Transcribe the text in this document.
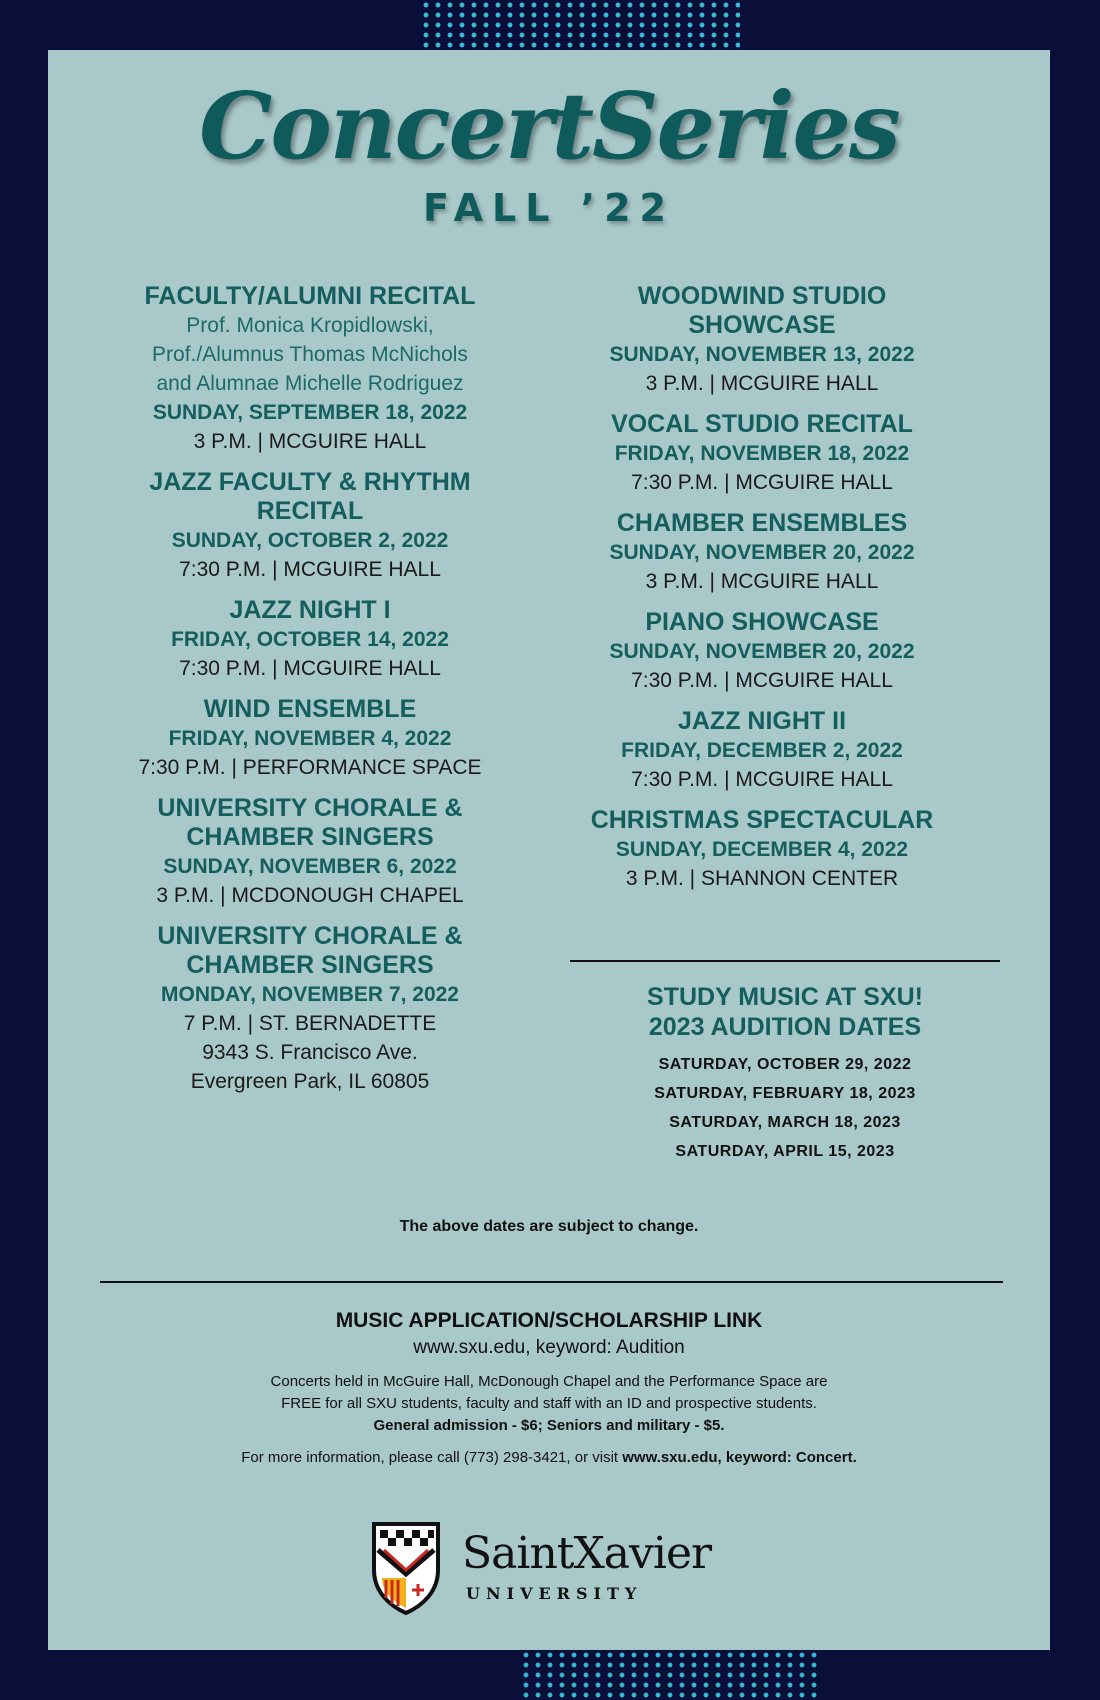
ConcertSeries
FALL ’22
FACULTY/ALUMNI RECITAL
Prof. Monica Kropidlowski,
Prof./Alumnus Thomas McNichols
and Alumnae Michelle Rodriguez
SUNDAY, SEPTEMBER 18, 2022
3 P.M. | MCGUIRE HALL
JAZZ FACULTY & RHYTHM RECITAL
SUNDAY, OCTOBER 2, 2022
7:30 P.M. | MCGUIRE HALL
JAZZ NIGHT I
FRIDAY, OCTOBER 14, 2022
7:30 P.M. | MCGUIRE HALL
WIND ENSEMBLE
FRIDAY, NOVEMBER 4, 2022
7:30 P.M. | PERFORMANCE SPACE
UNIVERSITY CHORALE & CHAMBER SINGERS
SUNDAY, NOVEMBER 6, 2022
3 P.M. | MCDONOUGH CHAPEL
UNIVERSITY CHORALE & CHAMBER SINGERS
MONDAY, NOVEMBER 7, 2022
7 P.M. | ST. BERNADETTE
9343 S. Francisco Ave.
Evergreen Park, IL 60805
WOODWIND STUDIO SHOWCASE
SUNDAY, NOVEMBER 13, 2022
3 P.M. | MCGUIRE HALL
VOCAL STUDIO RECITAL
FRIDAY, NOVEMBER 18, 2022
7:30 P.M. | MCGUIRE HALL
CHAMBER ENSEMBLES
SUNDAY, NOVEMBER 20, 2022
3 P.M. | MCGUIRE HALL
PIANO SHOWCASE
SUNDAY, NOVEMBER 20, 2022
7:30 P.M. | MCGUIRE HALL
JAZZ NIGHT II
FRIDAY, DECEMBER 2, 2022
7:30 P.M. | MCGUIRE HALL
CHRISTMAS SPECTACULAR
SUNDAY, DECEMBER 4, 2022
3 P.M. | SHANNON CENTER
STUDY MUSIC AT SXU!
2023 AUDITION DATES
SATURDAY, OCTOBER 29, 2022
SATURDAY, FEBRUARY 18, 2023
SATURDAY, MARCH 18, 2023
SATURDAY, APRIL 15, 2023
The above dates are subject to change.
MUSIC APPLICATION/SCHOLARSHIP LINK
www.sxu.edu, keyword: Audition
Concerts held in McGuire Hall, McDonough Chapel and the Performance Space are
FREE for all SXU students, faculty and staff with an ID and prospective students.
General admission - $6; Seniors and military - $5.
For more information, please call (773) 298-3421, or visit www.sxu.edu, keyword: Concert.
SaintXavier
UNIVERSITY
